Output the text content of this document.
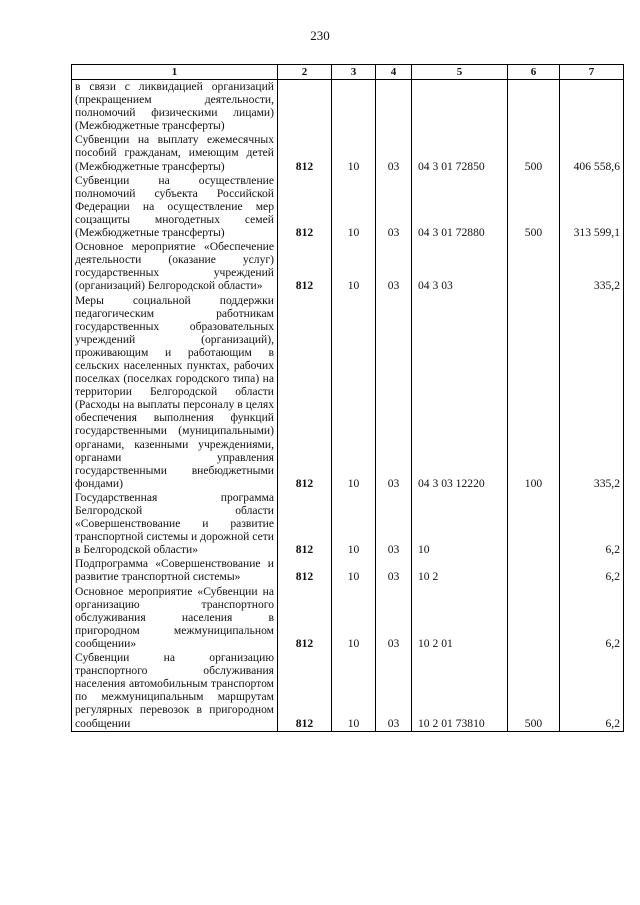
230
1	2	3	4	5	6	7
в связи с ликвидацией организаций (прекращением деятельности, полномочий физическими лицами) (Межбюджетные трансферты)						
Субвенции на выплату ежемесячных пособий гражданам, имеющим детей (Межбюджетные трансферты)	812	10	03	04 3 01 72850	500	406 558,6
Субвенции на осуществление полномочий субъекта Российской Федерации на осуществление мер соцзащиты многодетных семей (Межбюджетные трансферты)	812	10	03	04 3 01 72880	500	313 599,1
Основное мероприятие «Обеспечение деятельности (оказание услуг) государственных учреждений (организаций) Белгородской области»	812	10	03	04 3 03		335,2
Меры социальной поддержки педагогическим работникам государственных образовательных учреждений (организаций), проживающим и работающим в сельских населенных пунктах, рабочих поселках (поселках городского типа) на территории Белгородской области (Расходы на выплаты персоналу в целях обеспечения выполнения функций государственными (муниципальными) органами, казенными учреждениями, органами управления государственными внебюджетными фондами)	812	10	03	04 3 03 12220	100	335,2
Государственная программа Белгородской области «Совершенствование и развитие транспортной системы и дорожной сети в Белгородской области»	812	10	03	10		6,2
Подпрограмма «Совершенствование и развитие транспортной системы»	812	10	03	10 2		6,2
Основное мероприятие «Субвенции на организацию транспортного обслуживания населения в пригородном межмуниципальном сообщении»	812	10	03	10 2 01		6,2
Субвенции на организацию транспортного обслуживания населения автомобильным транспортом по межмуниципальным маршрутам регулярных перевозок в пригородном сообщении	812	10	03	10 2 01 73810	500	6,2
